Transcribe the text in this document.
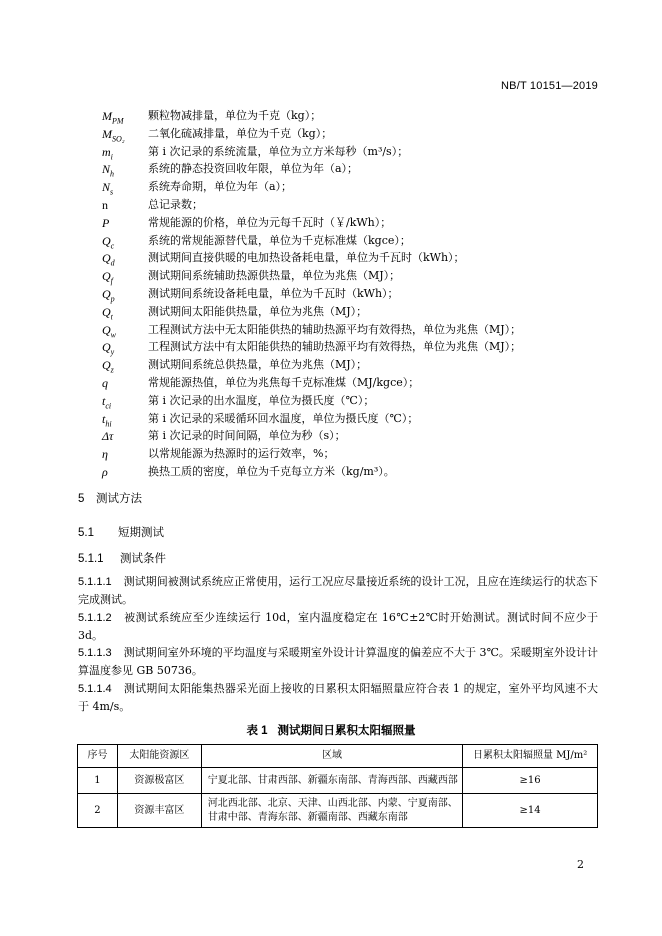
NB/T 10151—2019
$M_{PM}$	颗粒物减排量，单位为千克（kg）；
$M_{SO_2}$	二氧化硫减排量，单位为千克（kg）；
$m_i$	第 i 次记录的系统流量，单位为立方米每秒（m³/s）；
$N_h$	系统的静态投资回收年限，单位为年（a）；
$N_s$	系统寿命期，单位为年（a）；
n	总记录数；
P	常规能源的价格，单位为元每千瓦时（￥/kWh）；
$Q_c$	系统的常规能源替代量，单位为千克标准煤（kgce）；
$Q_d$	测试期间直接供暖的电加热设备耗电量，单位为千瓦时（kWh）；
$Q_f$	测试期间系统辅助热源供热量，单位为兆焦（MJ）；
$Q_p$	测试期间系统设备耗电量，单位为千瓦时（kWh）；
$Q_t$	测试期间太阳能供热量，单位为兆焦（MJ）；
$Q_w$	工程测试方法中无太阳能供热的辅助热源平均有效得热，单位为兆焦（MJ）；
$Q_y$	工程测试方法中有太阳能供热的辅助热源平均有效得热，单位为兆焦（MJ）；
$Q_z$	测试期间系统总供热量，单位为兆焦（MJ）；
q	常规能源热值，单位为兆焦每千克标准煤（MJ/kgce）；
$t_{ci}$	第 i 次记录的出水温度，单位为摄氏度（℃）；
$t_{hi}$	第 i 次记录的采暖循环回水温度，单位为摄氏度（℃）；
Δτ	第 i 次记录的时间间隔，单位为秒（s）；
η	以常规能源为热源时的运行效率，%；
ρ	换热工质的密度，单位为千克每立方米（kg/m³）。
5 测试方法
5.1 短期测试
5.1.1 测试条件
5.1.1.1 测试期间被测试系统应正常使用，运行工况应尽量接近系统的设计工况，且应在连续运行的状态下完成测试。
5.1.1.2 被测试系统应至少连续运行 10d，室内温度稳定在 16℃±2℃时开始测试。测试时间不应少于 3d。
5.1.1.3 测试期间室外环境的平均温度与采暖期室外设计计算温度的偏差应不大于 3℃。采暖期室外设计计算温度参见 GB 50736。
5.1.1.4 测试期间太阳能集热器采光面上接收的日累积太阳辐照量应符合表 1 的规定，室外平均风速不大于 4m/s。
表 1 测试期间日累积太阳辐照量
序号	太阳能资源区	区域	日累积太阳辐照量 MJ/m²
1	资源极富区	宁夏北部、甘肃西部、新疆东南部、青海西部、西藏西部	≥16
2	资源丰富区	河北西北部、北京、天津、山西北部、内蒙、宁夏南部、甘肃中部、青海东部、新疆南部、西藏东南部	≥14
2
